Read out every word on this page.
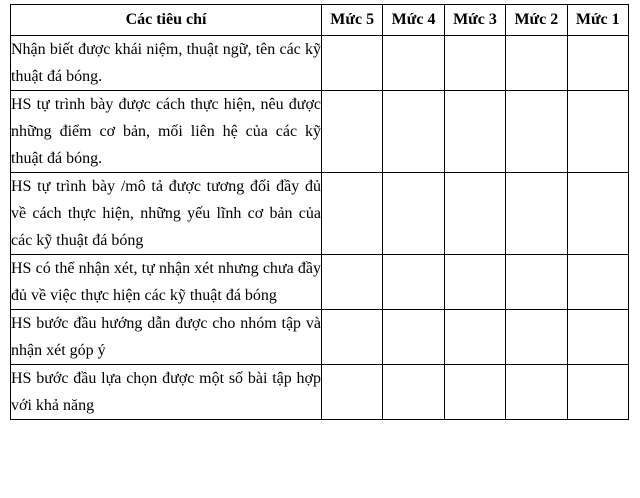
Các tiêu chí	Mức 5	Mức 4	Mức 3	Mức 2	Mức 1
Nhận biết được khái niệm, thuật ngữ, tên các kỹ thuật đá bóng.					
HS tự trình bày được cách thực hiện, nêu được những điểm cơ bản, mối liên hệ của các kỹ thuật đá bóng.					
HS tự trình bày /mô tả được tương đối đầy đủ về cách thực hiện, những yếu lĩnh cơ bản của các kỹ thuật đá bóng					
HS có thể nhận xét, tự nhận xét nhưng chưa đầy đủ về việc thực hiện các kỹ thuật đá bóng					
HS bước đầu hướng dẫn được cho nhóm tập và nhận xét góp ý					
HS bước đầu lựa chọn được một số bài tập hợp với khả năng					
